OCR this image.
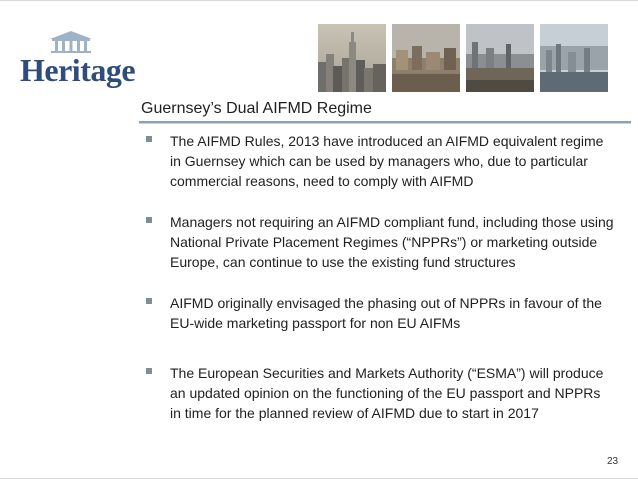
Heritage
Guernsey’s Dual AIFMD Regime
The AIFMD Rules, 2013 have introduced an AIFMD equivalent regime in Guernsey which can be used by managers who, due to particular commercial reasons, need to comply with AIFMD
Managers not requiring an AIFMD compliant fund, including those using National Private Placement Regimes (“NPPRs”) or marketing outside Europe, can continue to use the existing fund structures
AIFMD originally envisaged the phasing out of NPPRs in favour of the EU-wide marketing passport for non EU AIFMs
The European Securities and Markets Authority (“ESMA”) will produce an updated opinion on the functioning of the EU passport and NPPRs in time for the planned review of AIFMD due to start in 2017
23
